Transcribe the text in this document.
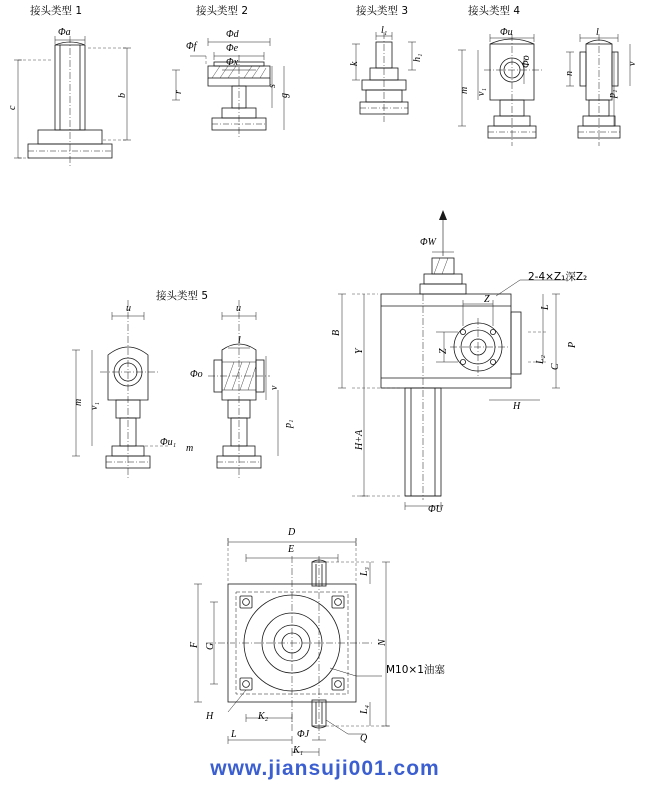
接头类型 1	接头类型 2	接头类型 3	接头类型 4
接头类型 5
2-4×Z₁深Z₂
M10×1油塞
Φa
c
b
Φd
Φe
Φx
Φf
r
s
g
l₁
k
h₁
Φu
Φo
m v₁
l
n
v
p₁
u
m v₁
Φu₁
u
l
Φo
v
m
p₁
ΦW
B
Y
H+A
ΦU
Z
Z
L
L₂
C
P
H
D
E
F G
N
L₃
L₄
H
L
K₂
ΦJ
K₁
Q
www.jiansuji001.com
